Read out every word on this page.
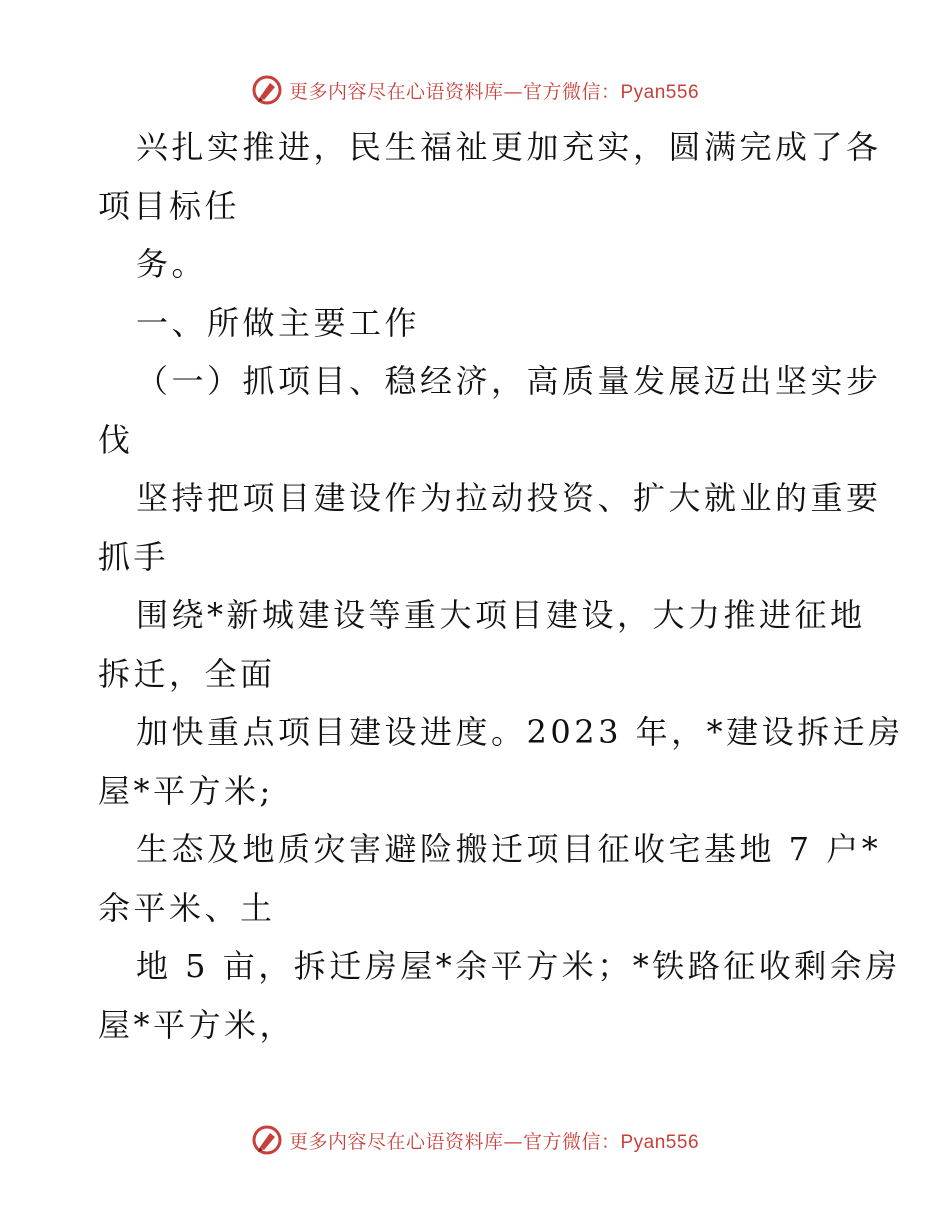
更多内容尽在心语资料库—官方微信：Pyan556

兴扎实推进，民生福祉更加充实，圆满完成了各

项目标任

务。

一、所做主要工作

（一）抓项目、稳经济，高质量发展迈出坚实步

伐

坚持把项目建设作为拉动投资、扩大就业的重要

抓手

围绕*新城建设等重大项目建设，大力推进征地

拆迁，全面

加快重点项目建设进度。2023 年，*建设拆迁房

屋*平方米;

生态及地质灾害避险搬迁项目征收宅基地 7 户*

余平米、土

地 5 亩，拆迁房屋*余平方米；*铁路征收剩余房

屋*平方米，

更多内容尽在心语资料库—官方微信：Pyan556
